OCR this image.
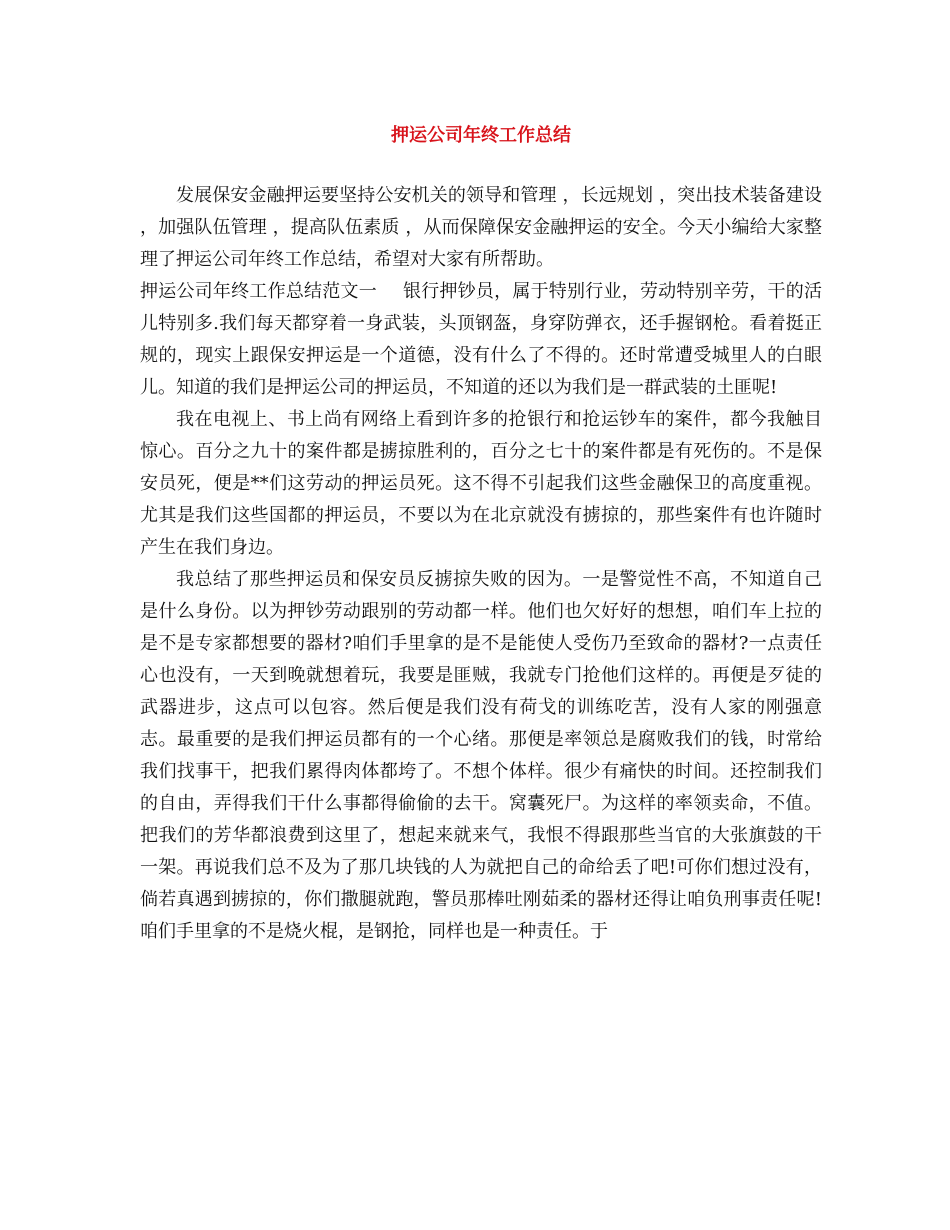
押运公司年终工作总结

发展保安金融押运要坚持公安机关的领导和管理 ，长远规划 ，突出技术装备建设 ，加强队伍管理 ，提高队伍素质 ，从而保障保安金融押运的安全。今天小编给大家整理了押运公司年终工作总结，希望对大家有所帮助。

押运公司年终工作总结范文一 银行押钞员，属于特别行业，劳动特别辛劳，干的活儿特别多.我们每天都穿着一身武装，头顶钢盔，身穿防弹衣，还手握钢枪。看着挺正规的，现实上跟保安押运是一个道德，没有什么了不得的。还时常遭受城里人的白眼儿。知道的我们是押运公司的押运员，不知道的还以为我们是一群武装的土匪呢!

我在电视上、书上尚有网络上看到许多的抢银行和抢运钞车的案件，都今我触目惊心。百分之九十的案件都是掳掠胜利的，百分之七十的案件都是有死伤的。不是保安员死，便是**们这劳动的押运员死。这不得不引起我们这些金融保卫的高度重视。尤其是我们这些国都的押运员，不要以为在北京就没有掳掠的，那些案件有也许随时产生在我们身边。

我总结了那些押运员和保安员反掳掠失败的因为。一是警觉性不高，不知道自己是什么身份。以为押钞劳动跟别的劳动都一样。他们也欠好好的想想，咱们车上拉的是不是专家都想要的器材?咱们手里拿的是不是能使人受伤乃至致命的器材?一点责任心也没有，一天到晚就想着玩，我要是匪贼，我就专门抢他们这样的。再便是歹徒的武器进步，这点可以包容。然后便是我们没有荷戈的训练吃苦，没有人家的刚强意志。最重要的是我们押运员都有的一个心绪。那便是率领总是腐败我们的钱，时常给我们找事干，把我们累得肉体都垮了。不想个体样。很少有痛快的时间。还控制我们的自由，弄得我们干什么事都得偷偷的去干。窝囊死尸。为这样的率领卖命，不值。把我们的芳华都浪费到这里了，想起来就来气，我恨不得跟那些当官的大张旗鼓的干一架。再说我们总不及为了那几块钱的人为就把自己的命给丢了吧!可你们想过没有，倘若真遇到掳掠的，你们撒腿就跑，警员那棒吐刚茹柔的器材还得让咱负刑事责任呢!咱们手里拿的不是烧火棍，是钢抢，同样也是一种责任。于
